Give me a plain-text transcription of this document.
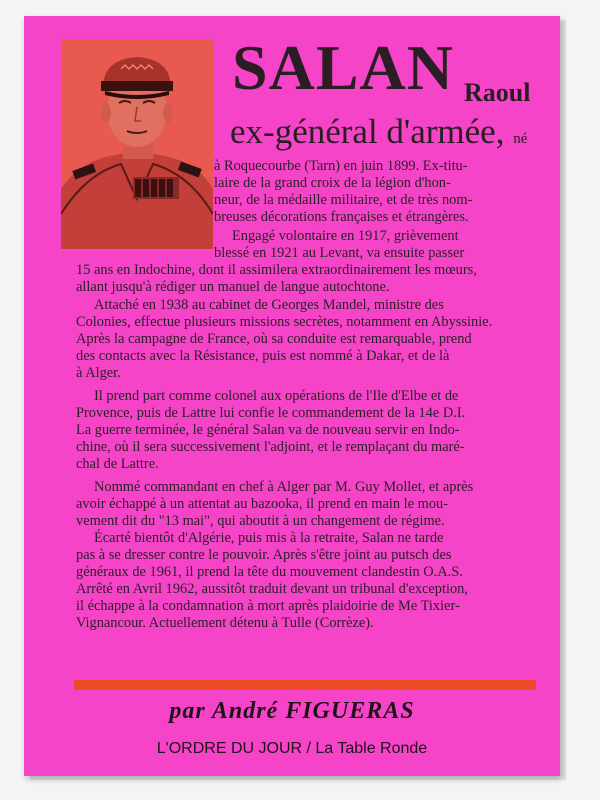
SALAN Raoul
ex-général d'armée, né
à Roquecourbe (Tarn) en juin 1899. Ex-titu-
laire de la grand croix de la légion d'hon-
neur, de la médaille militaire, et de très nom-
breuses décorations françaises et étrangères.
Engagé volontaire en 1917, grièvement
blessé en 1921 au Levant, va ensuite passer
15 ans en Indochine, dont il assimilera extraordinairement les mœurs,
allant jusqu'à rédiger un manuel de langue autochtone.
Attaché en 1938 au cabinet de Georges Mandel, ministre des
Colonies, effectue plusieurs missions secrètes, notamment en Abyssinie.
Après la campagne de France, où sa conduite est remarquable, prend
des contacts avec la Résistance, puis est nommé à Dakar, et de là
à Alger.
Il prend part comme colonel aux opérations de l'Ile d'Elbe et de
Provence, puis de Lattre lui confie le commandement de la 14e D.I.
La guerre terminée, le général Salan va de nouveau servir en Indo-
chine, où il sera successivement l'adjoint, et le remplaçant du maré-
chal de Lattre.
Nommé commandant en chef à Alger par M. Guy Mollet, et après
avoir échappé à un attentat au bazooka, il prend en main le mou-
vement dit du "13 mai", qui aboutit à un changement de régime.
Écarté bientôt d'Algérie, puis mis à la retraite, Salan ne tarde
pas à se dresser contre le pouvoir. Après s'être joint au putsch des
généraux de 1961, il prend la tête du mouvement clandestin O.A.S.
Arrêté en Avril 1962, aussitôt traduit devant un tribunal d'exception,
il échappe à la condamnation à mort après plaidoirie de Me Tixier-
Vignancour. Actuellement détenu à Tulle (Corrèze).
par André FIGUERAS
L'ORDRE DU JOUR / La Table Ronde
